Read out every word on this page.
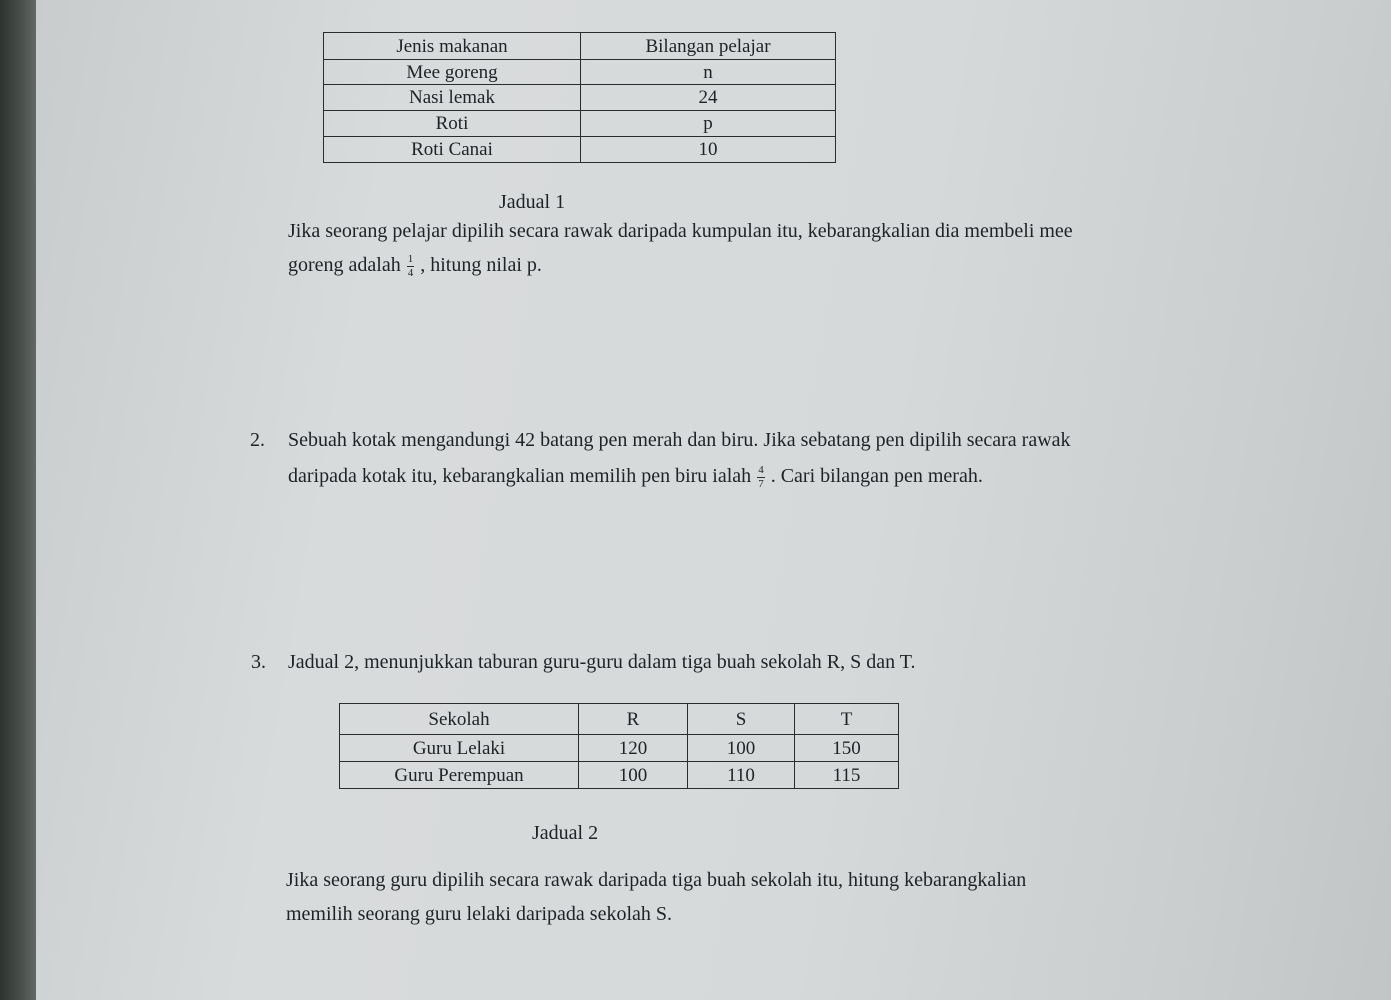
Jenis makanan	Bilangan pelajar
Mee goreng	n
Nasi lemak	24
Roti	p
Roti Canai	10
Jadual 1
Jika seorang pelajar dipilih secara rawak daripada kumpulan itu, kebarangkalian dia membeli mee
goreng adalah $\frac{1}{4}$ , hitung nilai p.
2. Sebuah kotak mengandungi 42 batang pen merah dan biru. Jika sebatang pen dipilih secara rawak
daripada kotak itu, kebarangkalian memilih pen biru ialah $\frac{4}{7}$ . Cari bilangan pen merah.
3. Jadual 2, menunjukkan taburan guru-guru dalam tiga buah sekolah R, S dan T.
Sekolah	R	S	T
Guru Lelaki	120	100	150
Guru Perempuan	100	110	115
Jadual 2
Jika seorang guru dipilih secara rawak daripada tiga buah sekolah itu, hitung kebarangkalian
memilih seorang guru lelaki daripada sekolah S.
